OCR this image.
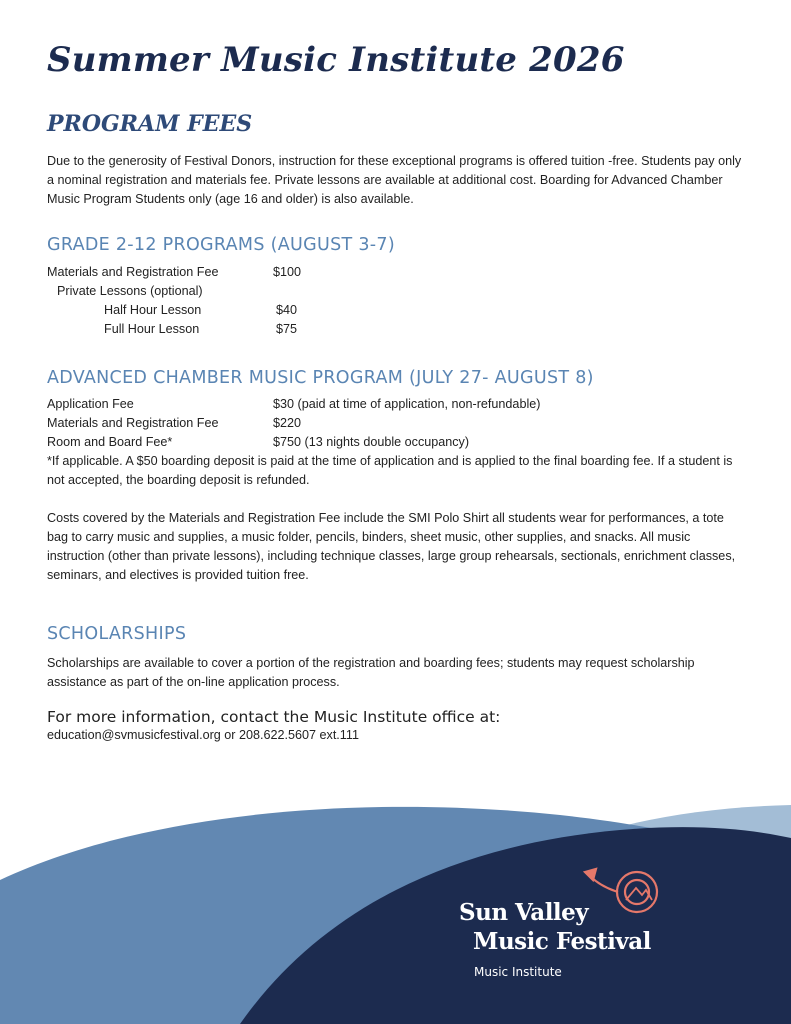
Summer Music Institute 2026
PROGRAM FEES

Due to the generosity of Festival Donors, instruction for these exceptional programs is offered tuition -free. Students pay only a nominal registration and materials fee. Private lessons are available at additional cost. Boarding for Advanced Chamber Music Program Students only (age 16 and older) is also available.

GRADE 2-12 PROGRAMS (AUGUST 3-7)
Materials and Registration Fee	$100
Private Lessons (optional)
Half Hour Lesson	$40
Full Hour Lesson	$75
ADVANCED CHAMBER MUSIC PROGRAM (JULY 27- AUGUST 8)
Application Fee	$30 (paid at time of application, non-refundable)
Materials and Registration Fee	$220
Room and Board Fee*	$750 (13 nights double occupancy)

*If applicable. A $50 boarding deposit is paid at the time of application and is applied to the final boarding fee. If a student is not accepted, the boarding deposit is refunded.

Costs covered by the Materials and Registration Fee include the SMI Polo Shirt all students wear for performances, a tote bag to carry music and supplies, a music folder, pencils, binders, sheet music, other supplies, and snacks. All music instruction (other than private lessons), including technique classes, large group rehearsals, sectionals, enrichment classes, seminars, and electives is provided tuition free.

SCHOLARSHIPS

Scholarships are available to cover a portion of the registration and boarding fees; students may request scholarship assistance as part of the on-line application process.

For more information, contact the Music Institute office at:

education@svmusicfestival.org or 208.622.5607 ext.111

Sun Valley
Music Festival
Music Institute
